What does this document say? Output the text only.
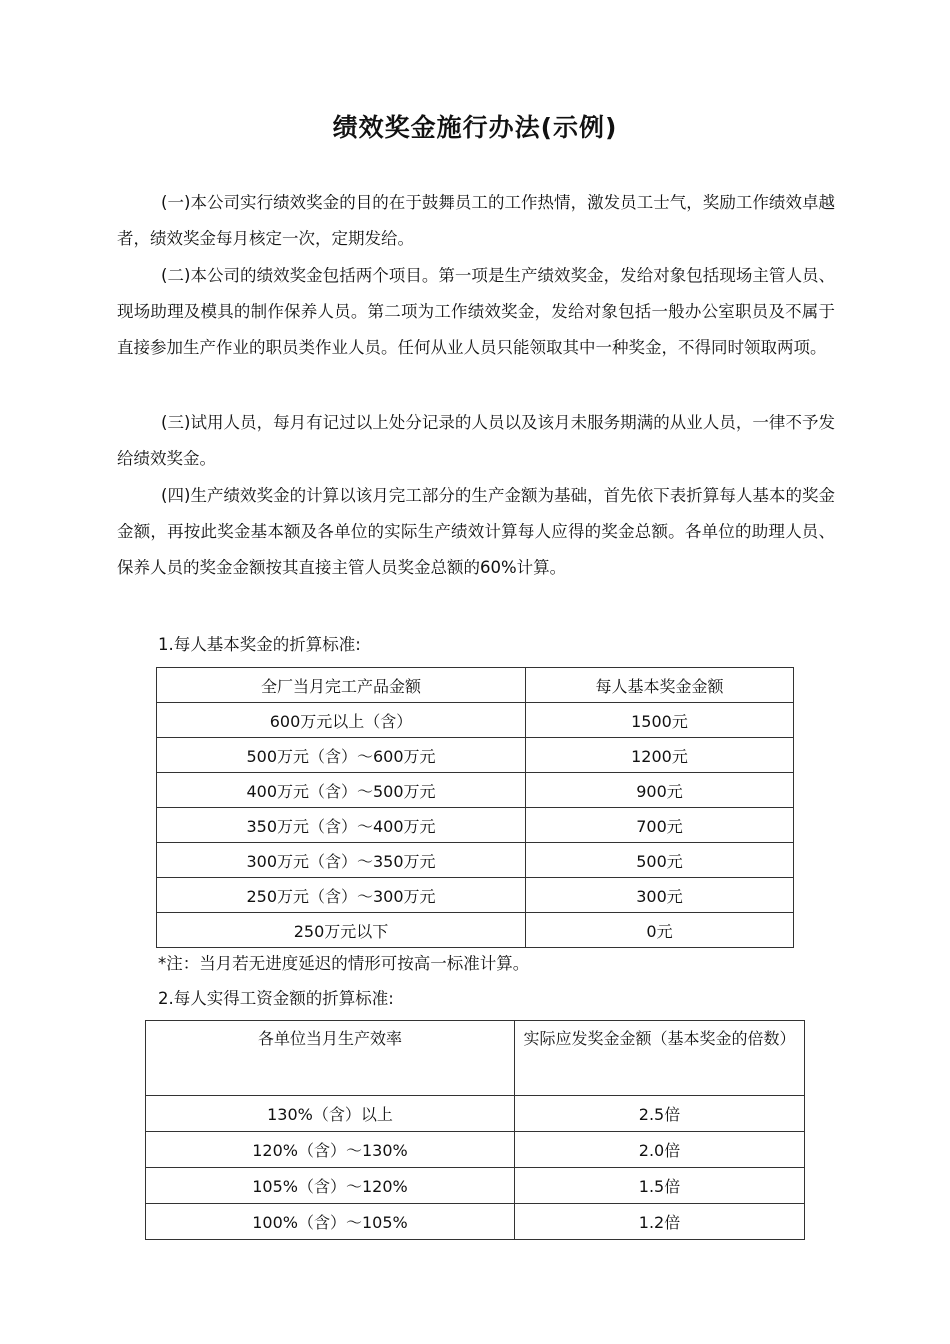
绩效奖金施行办法(示例)

(一)本公司实行绩效奖金的目的在于鼓舞员工的工作热情，激发员工士气，奖励工作绩效卓越者，绩效奖金每月核定一次，定期发给。

(二)本公司的绩效奖金包括两个项目。第一项是生产绩效奖金，发给对象包括现场主管人员、现场助理及模具的制作保养人员。第二项为工作绩效奖金，发给对象包括一般办公室职员及不属于直接参加生产作业的职员类作业人员。任何从业人员只能领取其中一种奖金，不得同时领取两项。

(三)试用人员，每月有记过以上处分记录的人员以及该月未服务期满的从业人员，一律不予发给绩效奖金。

(四)生产绩效奖金的计算以该月完工部分的生产金额为基础，首先依下表折算每人基本的奖金金额，再按此奖金基本额及各单位的实际生产绩效计算每人应得的奖金总额。各单位的助理人员、保养人员的奖金金额按其直接主管人员奖金总额的60%计算。

1.每人基本奖金的折算标准:
全厂当月完工产品金额	每人基本奖金金额
600万元以上（含）	1500元
500万元（含）～600万元	1200元
400万元（含）～500万元	900元
350万元（含）～400万元	700元
300万元（含）～350万元	500元
250万元（含）～300万元	300元
250万元以下	0元
*注：当月若无进度延迟的情形可按高一标准计算。
2.每人实得工资金额的折算标准:
各单位当月生产效率	实际应发奖金金额（基本奖金的倍数）
130%（含）以上	2.5倍
120%（含）～130%	2.0倍
105%（含）～120%	1.5倍
100%（含）～105%	1.2倍
